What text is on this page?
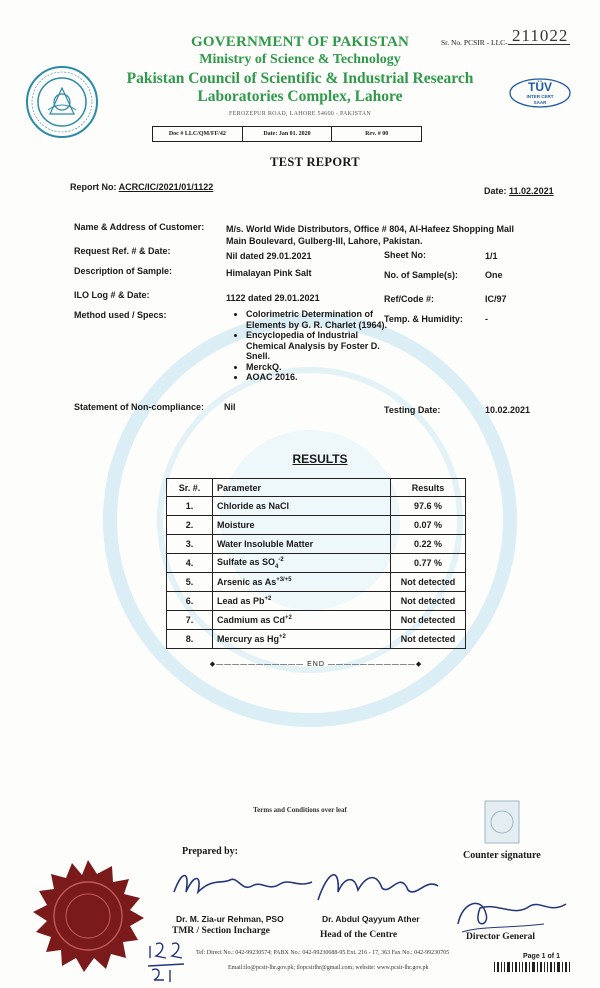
GOVERNMENT OF PAKISTAN
Ministry of Science & Technology
Pakistan Council of Scientific & Industrial Research
Laboratories Complex, Lahore
FEROZEPUR ROAD, LAHORE 54600 - PAKISTAN
Sr. No. PCSIR - LLC- 211022
TÜV
INTER CERT
SAAR
Doc # LLC/QM/FF/42	Date: Jan 01. 2020	Rev. # 00
TEST REPORT
Report No: ACRC/IC/2021/01/1122	Date: 11.02.2021
Name & Address of Customer: M/s. World Wide Distributors, Office # 804, Al-Hafeez Shopping Mall
Main Boulevard, Gulberg-III, Lahore, Pakistan.
Request Ref. # & Date:	Nil dated 29.01.2021	Sheet No:	1/1
Description of Sample:	Himalayan Pink Salt	No. of Sample(s):	One
ILO Log # & Date:	1122 dated 29.01.2021	Ref/Code #:	IC/97
Method used / Specs:	• Colorimetric Determination of Elements by G. R. Charlet (1964).
• Encyclopedia of Industrial Chemical Analysis by Foster D. Snell.
• MerckQ.
• AOAC 2016.
Temp. & Humidity: -
Statement of Non-compliance: Nil	Testing Date:	10.02.2021
RESULTS
Sr. #.	Parameter	Results
1.	Chloride as NaCl	97.6 %
2.	Moisture	0.07 %
3.	Water Insoluble Matter	0.22 %
4.	Sulfate as $SO_4^{-2}$	0.77 %
5.	Arsenic as $As^{+3/+5}$	Not detected
6.	Lead as $Pb^{+2}$	Not detected
7.	Cadmium as $Cd^{+2}$	Not detected
8.	Mercury as $Hg^{+2}$	Not detected
◆――――――――――― END ―――――――――――◆
Terms and Conditions over leaf
Prepared by:	Counter signature
Dr. M. Zia-ur Rehman, PSO
TMR / Section Incharge
Dr. Abdul Qayyum Ather
Head of the Centre	Director General
Tel: Direct No.: 042-99230574; PABX No.: 042-99230688-95 Ext. 216 - 17, 363 Fax No.: 042-99230705
Email:ilo@pcsir-lhr.gov.pk; ilopcsirlhr@gmail.com; website: www.pcsir-lhr.gov.pk
Page 1 of 1
